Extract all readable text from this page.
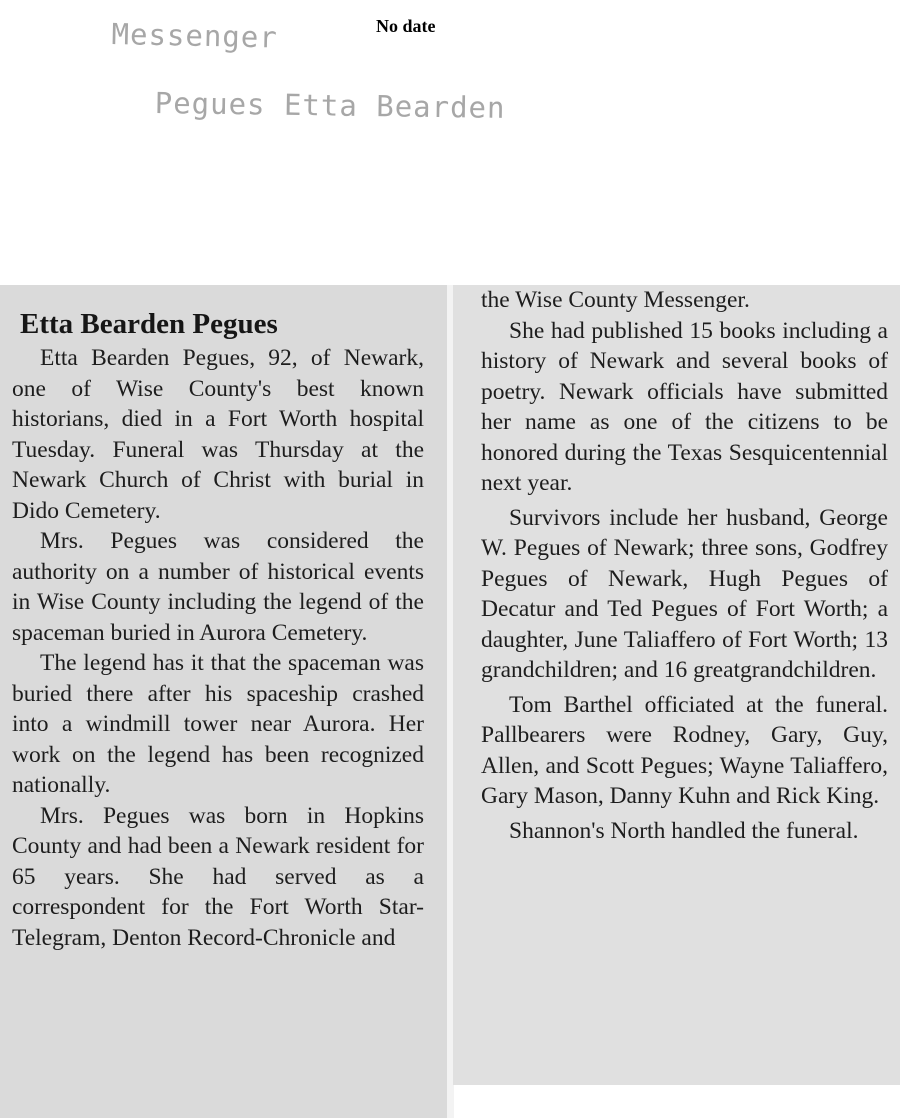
Messenger	No date
Pegues Etta Bearden
Etta Bearden Pegues

Etta Bearden Pegues, 92, of Newark, one of Wise County's best known historians, died in a Fort Worth hospital Tuesday. Funeral was Thursday at the Newark Church of Christ with burial in Dido Cemetery.

Mrs. Pegues was considered the authority on a number of historical events in Wise County including the legend of the spaceman buried in Aurora Cemetery.

The legend has it that the spaceman was buried there after his spaceship crashed into a windmill tower near Aurora. Her work on the legend has been recognized nationally.

Mrs. Pegues was born in Hopkins County and had been a Newark resident for 65 years. She had served as a correspondent for the Fort Worth Star-Telegram, Denton Record-Chronicle and

the Wise County Messenger.

She had published 15 books including a history of Newark and several books of poetry. Newark officials have submitted her name as one of the citizens to be honored during the Texas Sesquicentennial next year.

Survivors include her husband, George W. Pegues of Newark; three sons, Godfrey Pegues of Newark, Hugh Pegues of Decatur and Ted Pegues of Fort Worth; a daughter, June Taliaffero of Fort Worth; 13 grandchildren; and 16 greatgrandchildren.

Tom Barthel officiated at the funeral. Pallbearers were Rodney, Gary, Guy, Allen, and Scott Pegues; Wayne Taliaffero, Gary Mason, Danny Kuhn and Rick King.

Shannon's North handled the funeral.
